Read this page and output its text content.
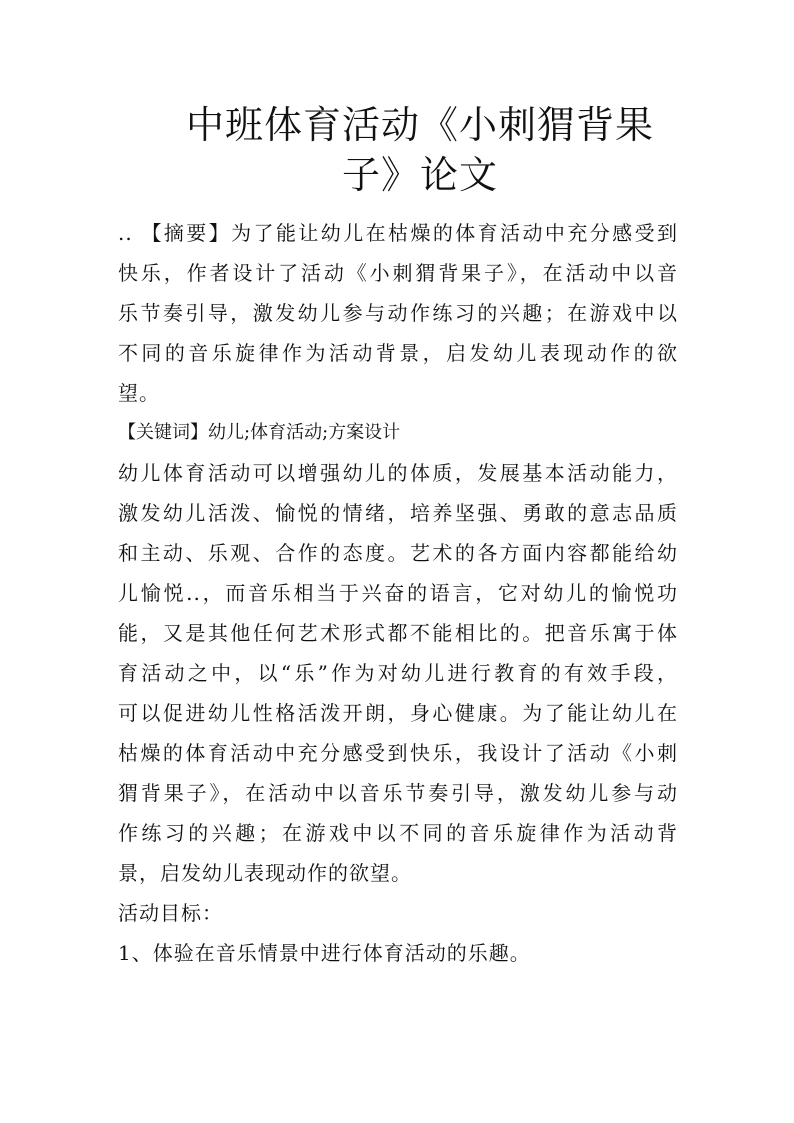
中班体育活动《小刺猬背果
子》论文
.. 【摘要】为了能让幼儿在枯燥的体育活动中充分感受到
快乐，作者设计了活动《小刺猬背果子》，在活动中以音
乐节奏引导，激发幼儿参与动作练习的兴趣；在游戏中以
不同的音乐旋律作为活动背景，启发幼儿表现动作的欲
望。
【关键词】幼儿;体育活动;方案设计
幼儿体育活动可以增强幼儿的体质，发展基本活动能力，
激发幼儿活泼、愉悦的情绪，培养坚强、勇敢的意志品质
和主动、乐观、合作的态度。艺术的各方面内容都能给幼
儿愉悦..，而音乐相当于兴奋的语言，它对幼儿的愉悦功
能，又是其他任何艺术形式都不能相比的。把音乐寓于体
育活动之中，以“乐”作为对幼儿进行教育的有效手段，
可以促进幼儿性格活泼开朗，身心健康。为了能让幼儿在
枯燥的体育活动中充分感受到快乐，我设计了活动《小刺
猬背果子》，在活动中以音乐节奏引导，激发幼儿参与动
作练习的兴趣；在游戏中以不同的音乐旋律作为活动背
景，启发幼儿表现动作的欲望。
活动目标：
1、体验在音乐情景中进行体育活动的乐趣。
